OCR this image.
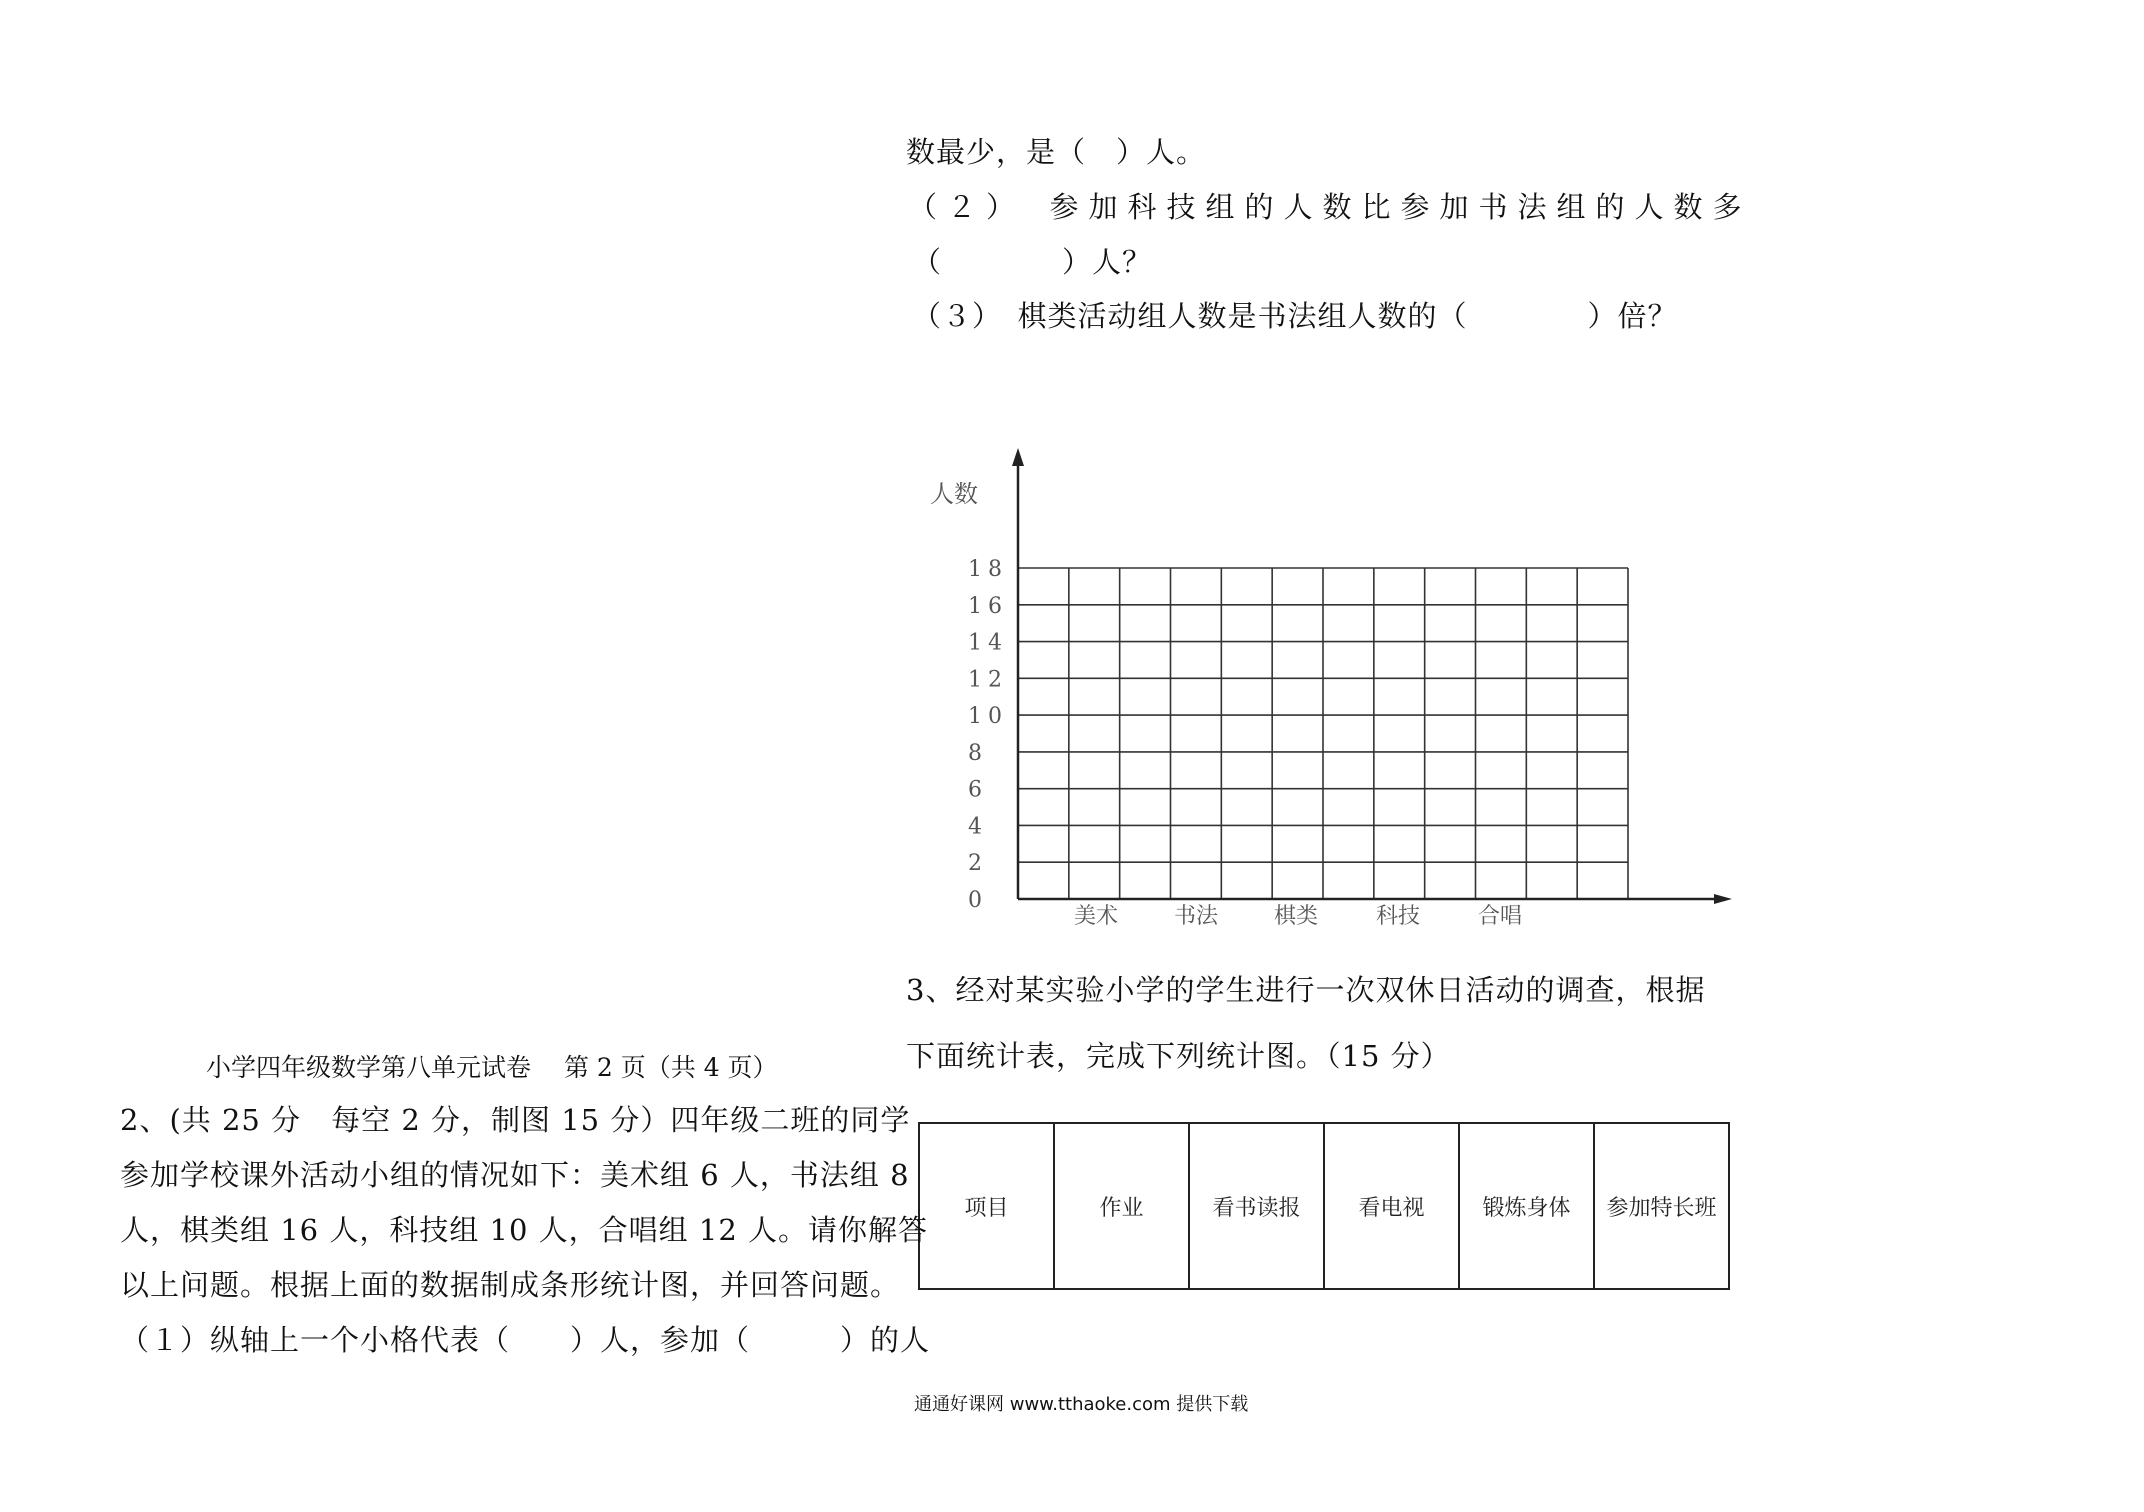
数最少，是（　）人。
（２）　参加科技组的人数比参加书法组的人数多
（　　　　）人？
（３）　棋类活动组人数是书法组人数的（　　　　）倍？
18
16
14
12
10
8
6
4
2
0
美术	书法	棋类	科技	合唱
人数
3、经对某实验小学的学生进行一次双休日活动的调查，根据
下面统计表，完成下列统计图。（15 分）
项目	作业	看书读报	看电视	锻炼身体	参加特长班
小学四年级数学第八单元试卷　 第 2 页（共 4 页）
2、(共 25 分　每空 2 分，制图 15 分）四年级二班的同学
参加学校课外活动小组的情况如下：美术组 6 人，书法组 8
人，棋类组 16 人，科技组 10 人，合唱组 12 人。请你解答
以上问题。根据上面的数据制成条形统计图，并回答问题。
（１）纵轴上一个小格代表（　　）人，参加（　　　）的人
通通好课网 www.tthaoke.com 提供下载
